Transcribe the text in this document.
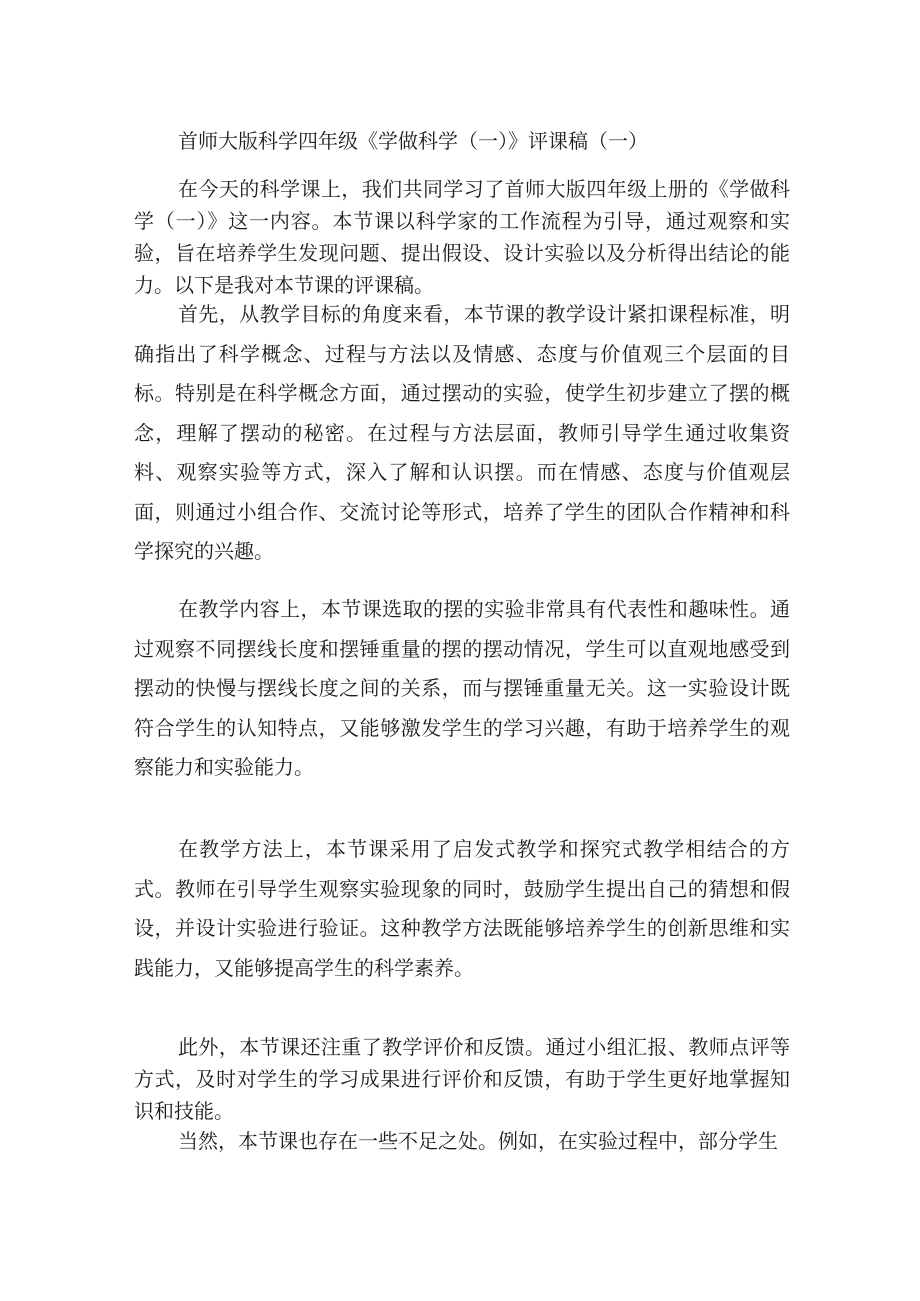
首师大版科学四年级《学做科学（一）》评课稿（一）

在今天的科学课上，我们共同学习了首师大版四年级上册的《学做科学（一）》这一内容。本节课以科学家的工作流程为引导，通过观察和实验，旨在培养学生发现问题、提出假设、设计实验以及分析得出结论的能力。以下是我对本节课的评课稿。

首先，从教学目标的角度来看，本节课的教学设计紧扣课程标准，明确指出了科学概念、过程与方法以及情感、态度与价值观三个层面的目标。特别是在科学概念方面，通过摆动的实验，使学生初步建立了摆的概念，理解了摆动的秘密。在过程与方法层面，教师引导学生通过收集资料、观察实验等方式，深入了解和认识摆。而在情感、态度与价值观层面，则通过小组合作、交流讨论等形式，培养了学生的团队合作精神和科学探究的兴趣。

在教学内容上，本节课选取的摆的实验非常具有代表性和趣味性。通过观察不同摆线长度和摆锤重量的摆的摆动情况，学生可以直观地感受到摆动的快慢与摆线长度之间的关系，而与摆锤重量无关。这一实验设计既符合学生的认知特点，又能够激发学生的学习兴趣，有助于培养学生的观察能力和实验能力。

在教学方法上，本节课采用了启发式教学和探究式教学相结合的方式。教师在引导学生观察实验现象的同时，鼓励学生提出自己的猜想和假设，并设计实验进行验证。这种教学方法既能够培养学生的创新思维和实践能力，又能够提高学生的科学素养。

此外，本节课还注重了教学评价和反馈。通过小组汇报、教师点评等方式，及时对学生的学习成果进行评价和反馈，有助于学生更好地掌握知识和技能。

当然，本节课也存在一些不足之处。例如，在实验过程中，部分学生
